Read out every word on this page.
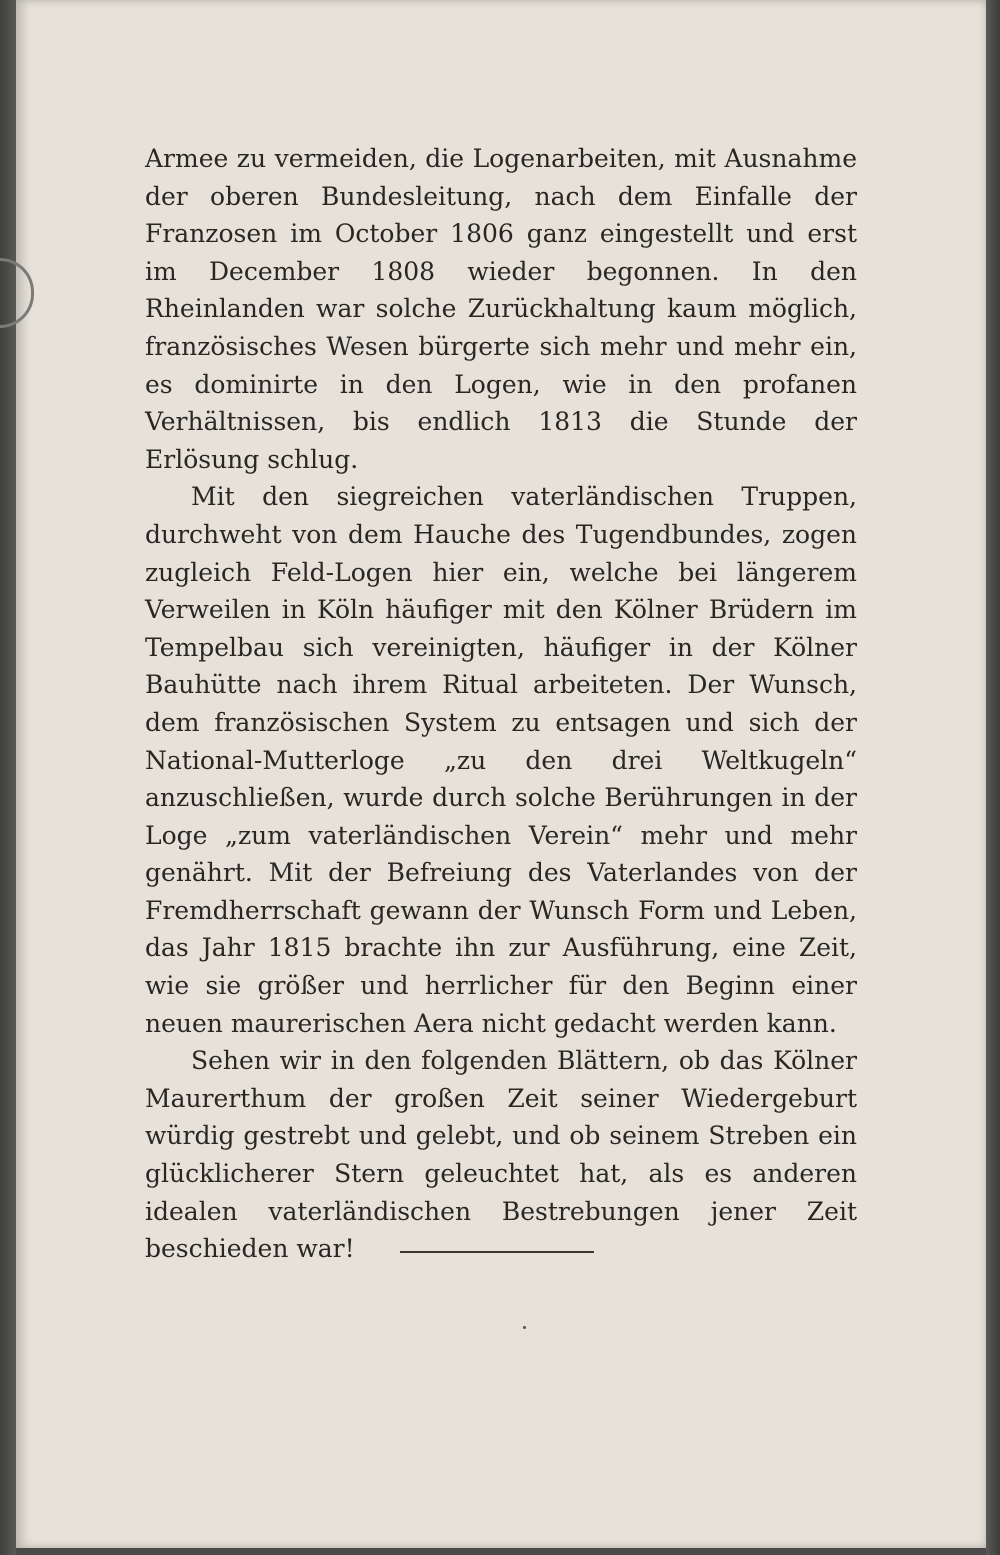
Armee zu vermeiden, die Logenarbeiten, mit Ausnahme der oberen Bundesleitung, nach dem Einfalle der Franzosen im October 1806 ganz eingestellt und erst im December 1808 wieder begonnen. In den Rheinlanden war solche Zurückhaltung kaum möglich, französisches Wesen bürgerte sich mehr und mehr ein, es dominirte in den Logen, wie in den profanen Verhältnissen, bis endlich 1813 die Stunde der Erlösung schlug.

Mit den siegreichen vaterländischen Truppen, durchweht von dem Hauche des Tugendbundes, zogen zugleich Feld-Logen hier ein, welche bei längerem Verweilen in Köln häufiger mit den Kölner Brüdern im Tempelbau sich vereinigten, häufiger in der Kölner Bauhütte nach ihrem Ritual arbeiteten. Der Wunsch, dem französischen System zu entsagen und sich der National-Mutterloge „zu den drei Weltkugeln“ anzuschließen, wurde durch solche Berührungen in der Loge „zum vaterländischen Verein“ mehr und mehr genährt. Mit der Befreiung des Vaterlandes von der Fremdherrschaft gewann der Wunsch Form und Leben, das Jahr 1815 brachte ihn zur Ausführung, eine Zeit, wie sie größer und herrlicher für den Beginn einer neuen maurerischen Aera nicht gedacht werden kann.

Sehen wir in den folgenden Blättern, ob das Kölner Maurerthum der großen Zeit seiner Wiedergeburt würdig gestrebt und gelebt, und ob seinem Streben ein glücklicherer Stern geleuchtet hat, als es anderen idealen vaterländischen Bestrebungen jener Zeit beschieden war!
